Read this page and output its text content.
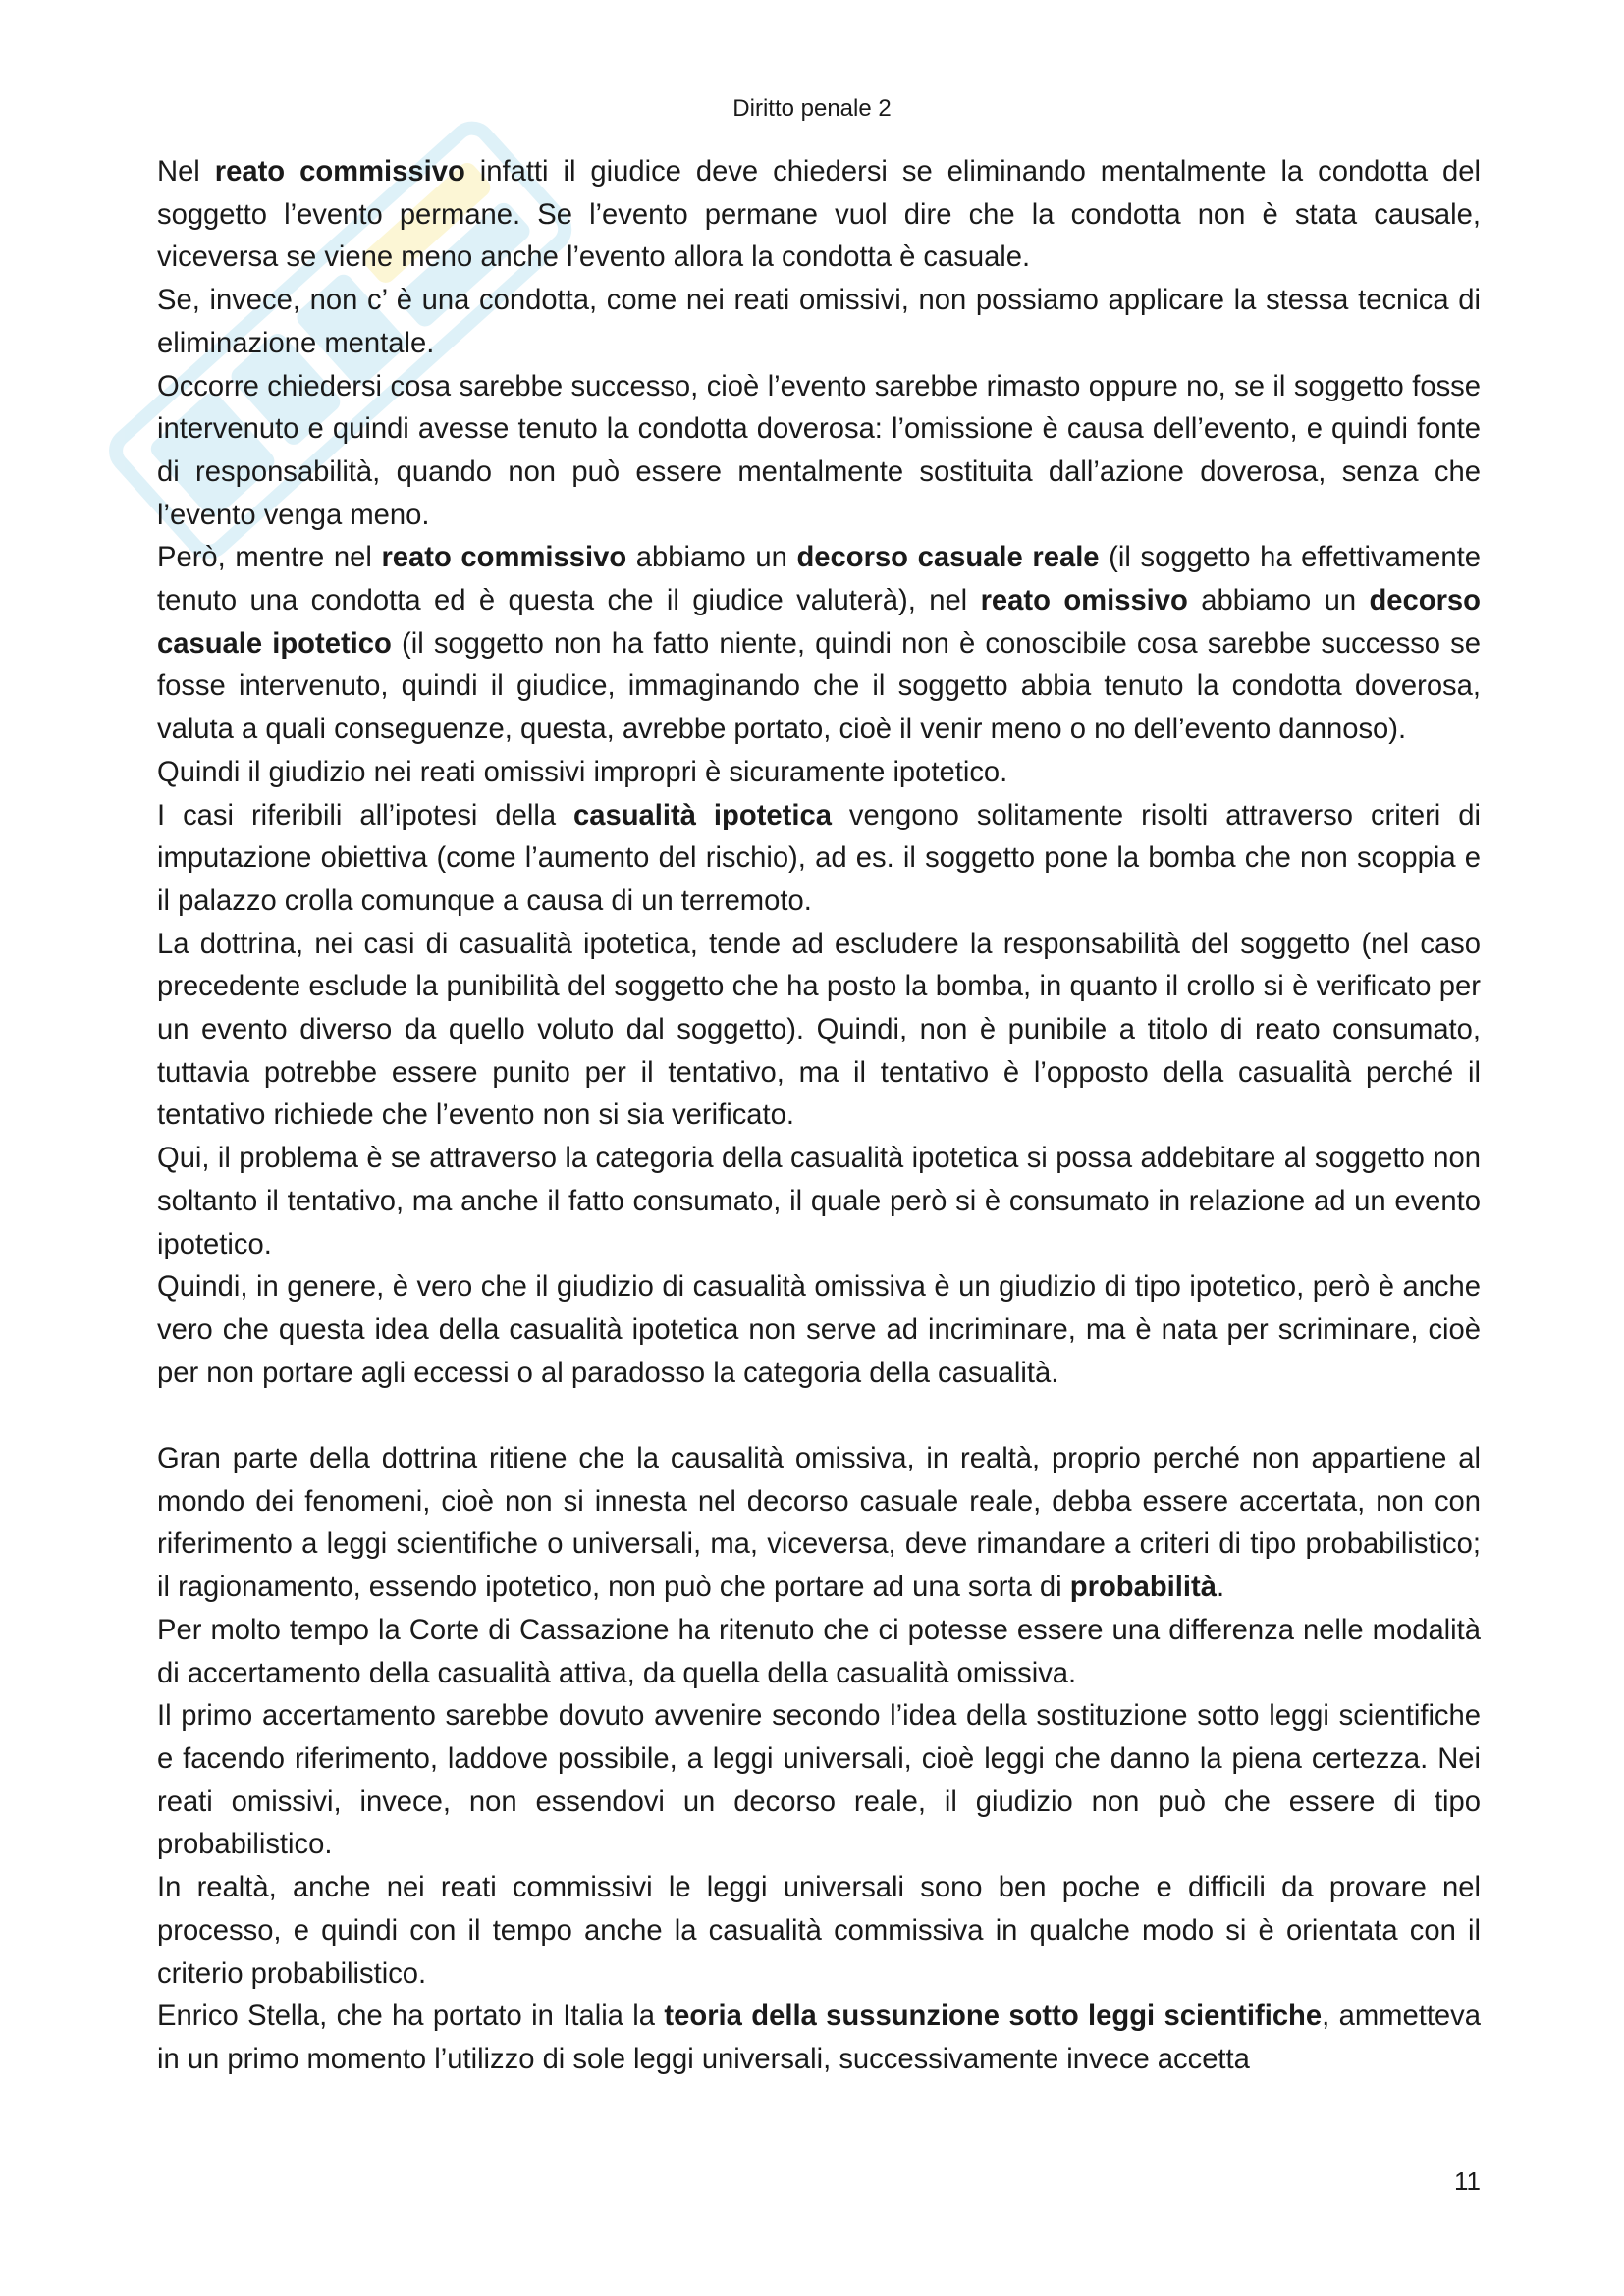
Diritto penale 2

Nel reato commissivo infatti il giudice deve chiedersi se eliminando mentalmente la condotta del soggetto l’evento permane. Se l’evento permane vuol dire che la condotta non è stata causale, viceversa se viene meno anche l’evento allora la condotta è casuale.

Se, invece, non c’ è una condotta, come nei reati omissivi, non possiamo applicare la stessa tecnica di eliminazione mentale.

Occorre chiedersi cosa sarebbe successo, cioè l’evento sarebbe rimasto oppure no, se il soggetto fosse intervenuto e quindi avesse tenuto la condotta doverosa: l’omissione è causa dell’evento, e quindi fonte di responsabilità, quando non può essere mentalmente sostituita dall’azione doverosa, senza che l’evento venga meno.

Però, mentre nel reato commissivo abbiamo un decorso casuale reale (il soggetto ha effettivamente tenuto una condotta ed è questa che il giudice valuterà), nel reato omissivo abbiamo un decorso casuale ipotetico (il soggetto non ha fatto niente, quindi non è conoscibile cosa sarebbe successo se fosse intervenuto, quindi il giudice, immaginando che il soggetto abbia tenuto la condotta doverosa, valuta a quali conseguenze, questa, avrebbe portato, cioè il venir meno o no dell’evento dannoso).

Quindi il giudizio nei reati omissivi impropri è sicuramente ipotetico.

I casi riferibili all’ipotesi della casualità ipotetica vengono solitamente risolti attraverso criteri di imputazione obiettiva (come l’aumento del rischio), ad es. il soggetto pone la bomba che non scoppia e il palazzo crolla comunque a causa di un terremoto.

La dottrina, nei casi di casualità ipotetica, tende ad escludere la responsabilità del soggetto (nel caso precedente esclude la punibilità del soggetto che ha posto la bomba, in quanto il crollo si è verificato per un evento diverso da quello voluto dal soggetto). Quindi, non è punibile a titolo di reato consumato, tuttavia potrebbe essere punito per il tentativo, ma il tentativo è l’opposto della casualità perché il tentativo richiede che l’evento non si sia verificato.

Qui, il problema è se attraverso la categoria della casualità ipotetica si possa addebitare al soggetto non soltanto il tentativo, ma anche il fatto consumato, il quale però si è consumato in relazione ad un evento ipotetico.

Quindi, in genere, è vero che il giudizio di casualità omissiva è un giudizio di tipo ipotetico, però è anche vero che questa idea della casualità ipotetica non serve ad incriminare, ma è nata per scriminare, cioè per non portare agli eccessi o al paradosso la categoria della casualità.

Gran parte della dottrina ritiene che la causalità omissiva, in realtà, proprio perché non appartiene al mondo dei fenomeni, cioè non si innesta nel decorso casuale reale, debba essere accertata, non con riferimento a leggi scientifiche o universali, ma, viceversa, deve rimandare a criteri di tipo probabilistico; il ragionamento, essendo ipotetico, non può che portare ad una sorta di probabilità.

Per molto tempo la Corte di Cassazione ha ritenuto che ci potesse essere una differenza nelle modalità di accertamento della casualità attiva, da quella della casualità omissiva.

Il primo accertamento sarebbe dovuto avvenire secondo l’idea della sostituzione sotto leggi scientifiche e facendo riferimento, laddove possibile, a leggi universali, cioè leggi che danno la piena certezza. Nei reati omissivi, invece, non essendovi un decorso reale, il giudizio non può che essere di tipo probabilistico.

In realtà, anche nei reati commissivi le leggi universali sono ben poche e difficili da provare nel processo, e quindi con il tempo anche la casualità commissiva in qualche modo si è orientata con il criterio probabilistico.

Enrico Stella, che ha portato in Italia la teoria della sussunzione sotto leggi scientifiche, ammetteva in un primo momento l’utilizzo di sole leggi universali, successivamente invece accetta

11
